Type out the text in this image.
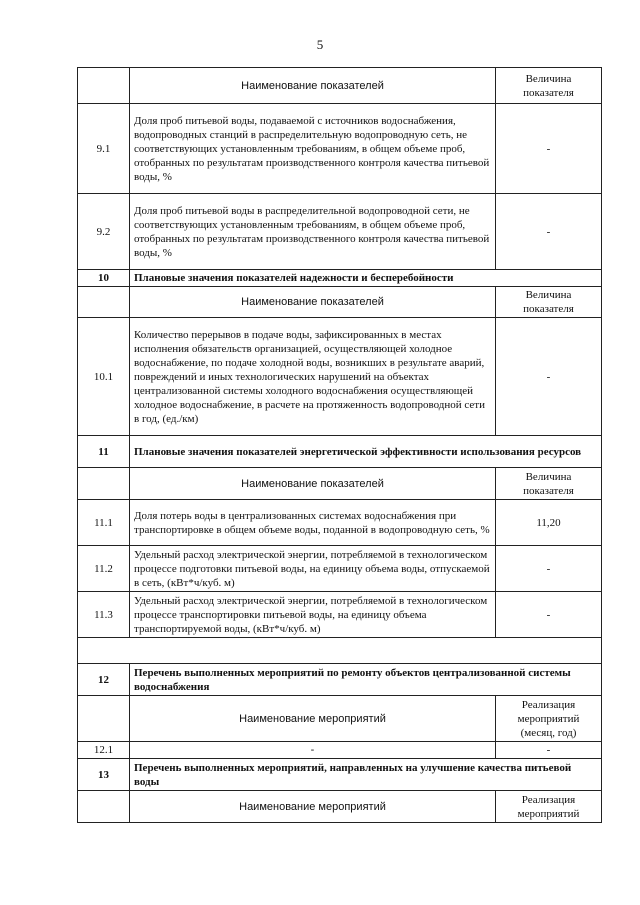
5
	Наименование показателей	Величина показателя
9.1	Доля проб питьевой воды, подаваемой с источников водоснабжения, водопроводных станций в распределительную водопроводную сеть, не соответствующих установленным требованиям, в общем объеме проб, отобранных по результатам производственного контроля качества питьевой воды, %	-
9.2	Доля проб питьевой воды в распределительной водопроводной сети, не соответствующих установленным требованиям, в общем объеме проб, отобранных по результатам производственного контроля качества питьевой воды, %	-
10	Плановые значения показателей надежности и бесперебойности	
	Наименование показателей	Величина показателя
10.1	Количество перерывов в подаче воды, зафиксированных в местах исполнения обязательств организацией, осуществляющей холодное водоснабжение, по подаче холодной воды, возникших в результате аварий, повреждений и иных технологических нарушений на объектах централизованной системы холодного водоснабжения осуществляющей холодное водоснабжение, в расчете на протяженность водопроводной сети в год, (ед./км)	-
11	Плановые значения показателей энергетической эффективности использования ресурсов	
	Наименование показателей	Величина показателя
11.1	Доля потерь воды в централизованных системах водоснабжения при транспортировке в общем объеме воды, поданной в водопроводную сеть, %	11,20
11.2	Удельный расход электрической энергии, потребляемой в технологическом процессе подготовки питьевой воды, на единицу объема воды, отпускаемой в сеть, (кВт*ч/куб. м)	-
11.3	Удельный расход электрической энергии, потребляемой в технологическом процессе транспортировки питьевой воды, на единицу объема транспортируемой воды, (кВт*ч/куб. м)	-

12	Перечень выполненных мероприятий по ремонту объектов централизованной системы водоснабжения	
	Наименование мероприятий	Реализация мероприятий (месяц, год)
12.1	-	-
13	Перечень выполненных мероприятий, направленных на улучшение качества питьевой воды	
	Наименование мероприятий	Реализация мероприятий
